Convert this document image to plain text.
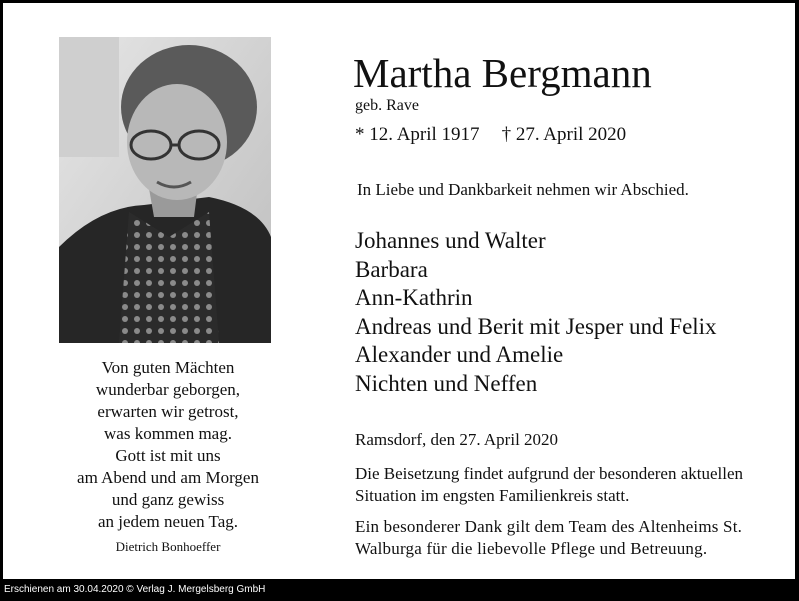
Von guten Mächten
wunderbar geborgen,
erwarten wir getrost,
was kommen mag.
Gott ist mit uns
am Abend und am Morgen
und ganz gewiss
an jedem neuen Tag.
Dietrich Bonhoeffer
Martha Bergmann
geb. Rave
* 12. April 1917 † 27. April 2020
In Liebe und Dankbarkeit nehmen wir Abschied.
Johannes und Walter
Barbara
Ann-Kathrin
Andreas und Berit mit Jesper und Felix
Alexander und Amelie
Nichten und Neffen
Ramsdorf, den 27. April 2020
Die Beisetzung findet aufgrund der besonderen aktuellen Situation im engsten Familienkreis statt.
Ein besonderer Dank gilt dem Team des Altenheims St. Walburga für die liebevolle Pflege und Betreuung.
Erschienen am 30.04.2020 © Verlag J. Mergelsberg GmbH
